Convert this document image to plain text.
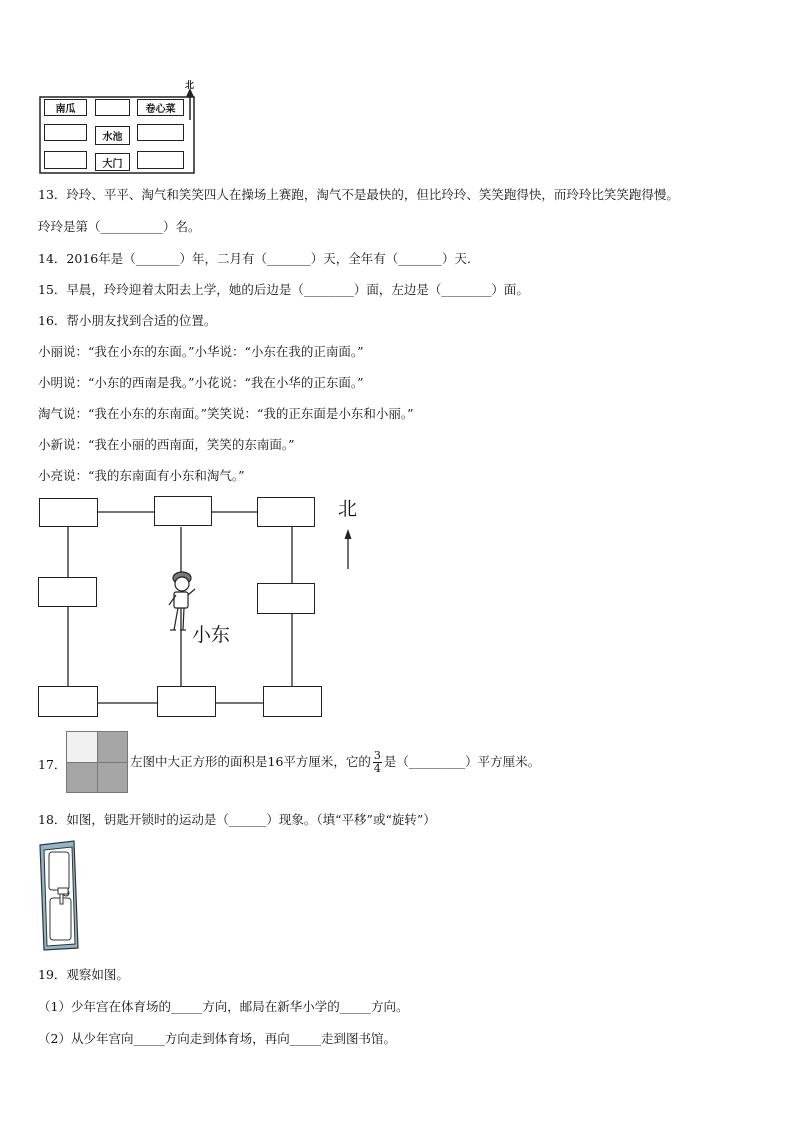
北
南瓜	卷心菜
水池
大门
13．玲玲、平平、淘气和笑笑四人在操场上赛跑，淘气不是最快的，但比玲玲、笑笑跑得快，而玲玲比笑笑跑得慢。
玲玲是第（__________）名。
14．2016年是（_______）年，二月有（_______）天，全年有（_______）天．
15．早晨，玲玲迎着太阳去上学，她的后边是（________）面，左边是（________）面。
16．帮小朋友找到合适的位置。
小丽说：“我在小东的东面。”小华说：“小东在我的正南面。”
小明说：“小东的西南是我。”小花说：“我在小华的正东面。”
淘气说：“我在小东的东南面。”笑笑说：“我的正东面是小东和小丽。”
小新说：“我在小丽的西南面，笑笑的东南面。”
小亮说：“我的东南面有小东和淘气。”
北
小东
17．	左图中大正方形的面积是16平方厘米，它的 $\frac{3}{4}$ 是（_________）平方厘米。
18．如图，钥匙开锁时的运动是（______）现象。（填“平移”或“旋转”）
19．观察如图。
（1）少年宫在体育场的_____方向，邮局在新华小学的_____方向。
（2）从少年宫向_____方向走到体育场，再向_____走到图书馆。
